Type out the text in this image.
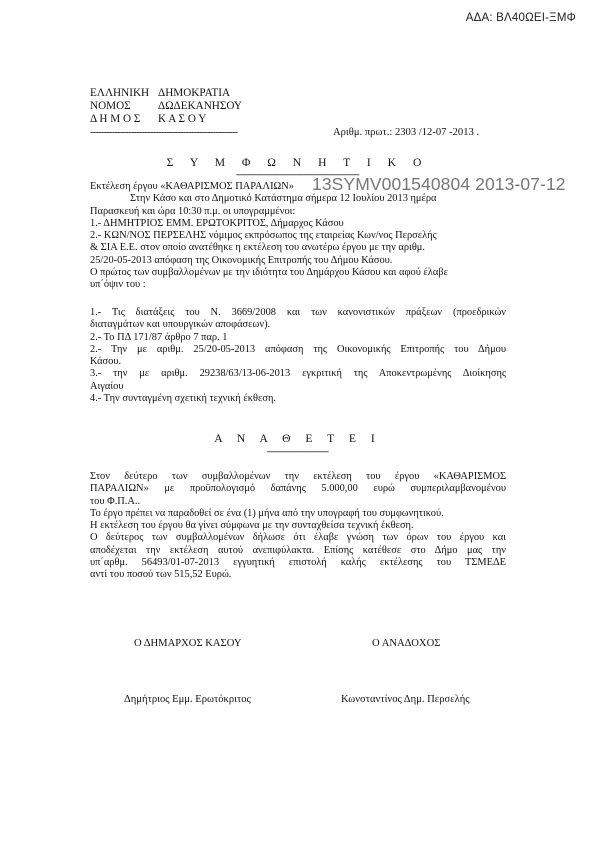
ΑΔΑ: ΒΛ40ΩΕΙ-ΞΜΦ
ΕΛΛΗΝΙΚΗ ΔΗΜΟΚΡΑΤΙΑ
ΝΟΜΟΣ ΔΩΔΕΚΑΝΗΣΟΥ
Δ Η Μ Ο Σ Κ Α Σ Ο Υ
------------------------------------------------------	Αριθμ. πρωτ.: 2303 /12-07 -2013 .
Σ Υ Μ Φ Ω Ν Η Τ Ι Κ Ο
--------------------------------------------------------
13SYMV001540804 2013-07-12

Εκτέλεση έργου «ΚΑΘΑΡΙΣΜΟΣ ΠΑΡΑΛΙΩΝ»

Στην Κάσο και στο Δημοτικό Κατάστημα σήμερα 12 Ιουλίου 2013 ημέρα

Παρασκευή και ώρα 10:30 π.μ. οι υπογραμμένοι:

1.- ΔΗΜΗΤΡΙΟΣ ΕΜΜ. ΕΡΩΤΟΚΡΙΤΟΣ, Δήμαρχος Κάσου

2.- ΚΩΝ/ΝΟΣ ΠΕΡΣΕΛΗΣ νόμιμος εκπρόσωπος της εταιρείας Κων/νος Περσελής

& ΣΙΑ Ε.Ε. στον οποίο ανατέθηκε η εκτέλεση του ανωτέρω έργου με την αριθμ.

25/20-05-2013 απόφαση της Οικονομικής Επιτροπής του Δήμου Κάσου.

Ο πρώτος των συμβαλλομένων με την ιδιότητα του Δημάρχου Κάσου και αφού έλαβε

υπ΄όψιν του :

1.- Τις διατάξεις του Ν. 3669/2008 και των κανονιστικών πράξεων (προεδρικών

διαταγμάτων και υπουργικών αποφάσεων).

2.- Το ΠΔ 171/87 άρθρο 7 παρ. 1

2.- Την με αριθμ. 25/20-05-2013 απόφαση της Οικονομικής Επιτροπής του Δήμου

Κάσου.

3.- την με αριθμ. 29238/63/13-06-2013 εγκριτική της Αποκεντρωμένης Διοίκησης

Αιγαίου

4.- Την συνταγμένη σχετική τεχνική έκθεση.

Α Ν Α Θ Ε Τ Ε Ι
----------------------------

Στον δεύτερο των συμβαλλομένων την εκτέλεση του έργου «ΚΑΘΑΡΙΣΜΟΣ

ΠΑΡΑΛΙΩΝ» με προϋπολογισμό δαπάνης 5.000,00 ευρώ συμπεριλαμβανομένου

του Φ.Π.Α..

Το έργο πρέπει να παραδοθεί σε ένα (1) μήνα από την υπογραφή του συμφωνητικού.

Η εκτέλεση του έργου θα γίνει σύμφωνα με την συνταχθείσα τεχνική έκθεση.

Ο δεύτερος των συμβαλλομένων δήλωσε ότι έλαβε γνώση των όρων του έργου και

αποδέχεται την εκτέλεση αυτού ανεπιφύλακτα. Επίσης κατέθεσε στο Δήμο μας την

υπ΄αρθμ. 56493/01-07-2013 εγγυητική επιστολή καλής εκτέλεσης του ΤΣΜΕΔΕ

αντί του ποσού των 515,52 Ευρώ.

Ο ΔΗΜΑΡΧΟΣ ΚΑΣΟΥ	Ο ΑΝΑΔΟΧΟΣ
Δημήτριος Εμμ. Ερωτόκριτος	Κωνσταντίνος Δημ. Περσελής
